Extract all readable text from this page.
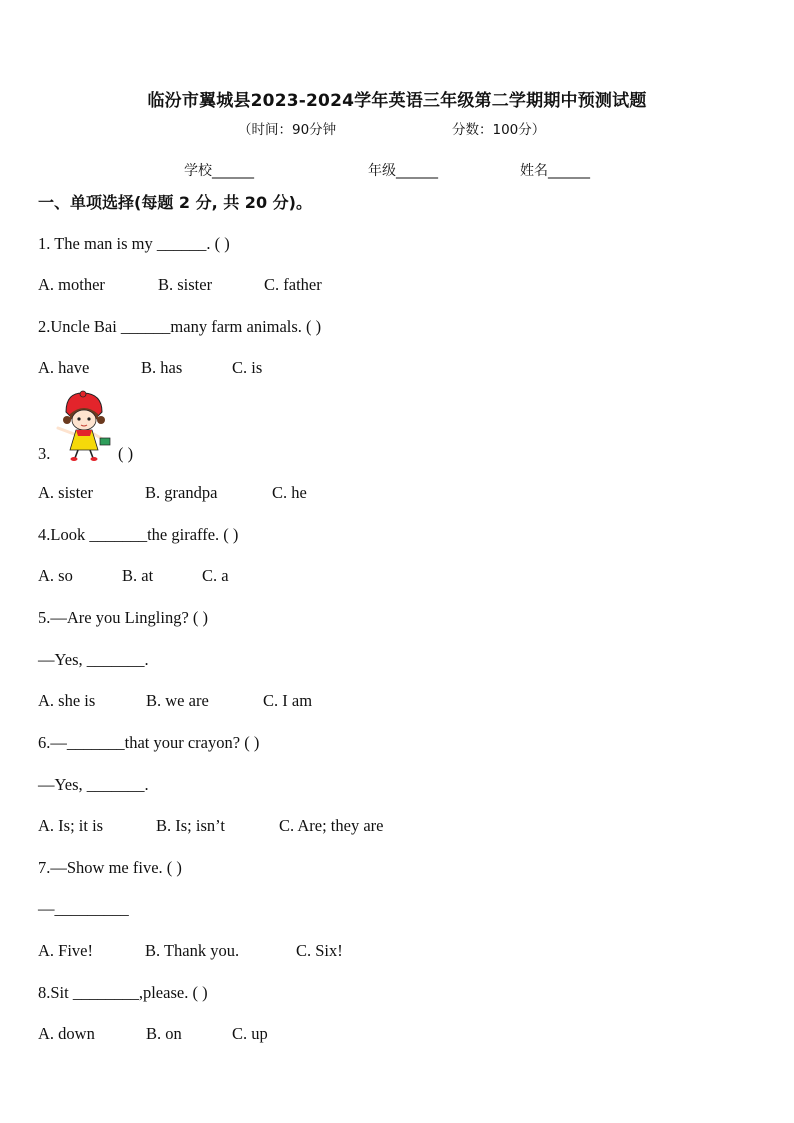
临汾市翼城县2023-2024学年英语三年级第二学期期中预测试题
（时间：90分钟	分数：100分）
学校______	年级______	姓名______
一、单项选择(每题 2 分, 共 20 分)。
1. The man is my ______. ( )
A. mother	B. sister	C. father
2.Uncle Bai ______many farm animals. ( )
A. have	B. has	C. is
3.	( )
A. sister	B. grandpa	C. he
4.Look _______the giraffe. ( )
A. so	B. at	C. a
5.—Are you Lingling? ( )
—Yes, _______.
A. she is	B. we are	C. I am
6.—_______that your crayon? ( )
—Yes, _______.
A. Is; it is	B. Is; isn’t	C. Are; they are
7.—Show me five. ( )
—_________
A. Five!	B. Thank you.	C. Six!
8.Sit ________,please. ( )
A. down	B. on	C. up
